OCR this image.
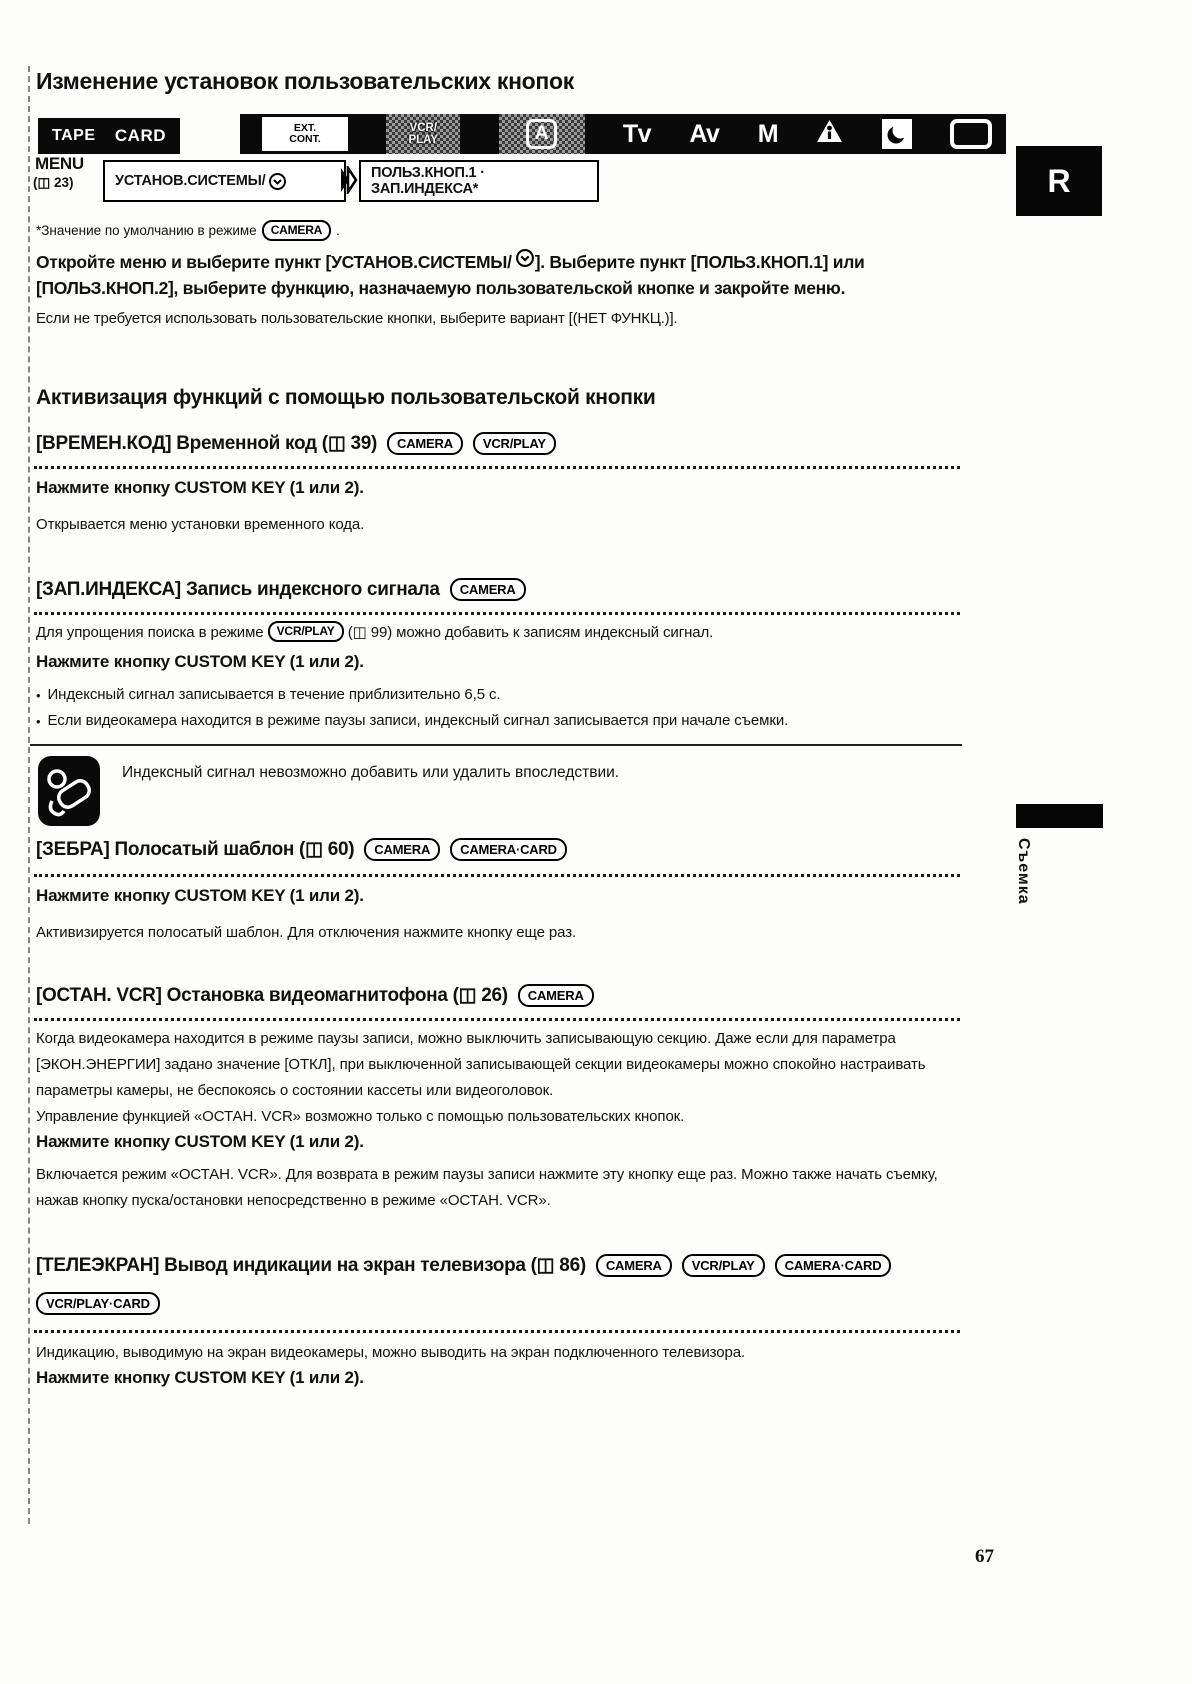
Изменение установок пользовательских кнопок
TAPE CARD	EXT.
CONT.
VCR/
PLAY	A	Tv Av M
R
MENU
(◫ 23)	УСТАНОВ.СИСТЕМЫ/	ПОЛЬЗ.КНОП.1 · ЗАП.ИНДЕКСА*
*Значение по умолчанию в режиме	CAMERA	.
Откройте меню и выберите пункт [УСТАНОВ.СИСТЕМЫ/ ]. Выберите пункт [ПОЛЬЗ.КНОП.1] или [ПОЛЬЗ.КНОП.2], выберите функцию, назначаемую пользовательской кнопке и закройте меню.
Если не требуется использовать пользовательские кнопки, выберите вариант [(НЕТ ФУНКЦ.)].
Активизация функций с помощью пользовательской кнопки
[ВРЕМЕН.КОД] Временной код (◫ 39)	CAMERA	VCR/PLAY
Нажмите кнопку CUSTOM KEY (1 или 2).
Открывается меню установки временного кода.
[ЗАП.ИНДЕКСА] Запись индексного сигнала	CAMERA
Для упрощения поиска в режиме VCR/PLAY (◫ 99) можно добавить к записям индексный сигнал.
Нажмите кнопку CUSTOM KEY (1 или 2).
• Индексный сигнал записывается в течение приблизительно 6,5 с.
• Если видеокамера находится в режиме паузы записи, индексный сигнал записывается при начале съемки.
Индексный сигнал невозможно добавить или удалить впоследствии.
[ЗЕБРА] Полосатый шаблон (◫ 60)	CAMERA	CAMERA·CARD
Нажмите кнопку CUSTOM KEY (1 или 2).
Активизируется полосатый шаблон. Для отключения нажмите кнопку еще раз.
[ОСТАН. VCR] Остановка видеомагнитофона (◫ 26)	CAMERA
Когда видеокамера находится в режиме паузы записи, можно выключить записывающую секцию. Даже если для параметра [ЭКОН.ЭНЕРГИИ] задано значение [ОТКЛ], при выключенной записывающей секции видеокамеры можно спокойно настраивать параметры камеры, не беспокоясь о состоянии кассеты или видеоголовок.
Управление функцией «ОСТАН. VCR» возможно только с помощью пользовательских кнопок.
Нажмите кнопку CUSTOM KEY (1 или 2).
Включается режим «ОСТАН. VCR». Для возврата в режим паузы записи нажмите эту кнопку еще раз. Можно также начать съемку, нажав кнопку пуска/остановки непосредственно в режиме «ОСТАН. VCR».
[ТЕЛЕЭКРАН] Вывод индикации на экран телевизора (◫ 86)	CAMERA	VCR/PLAY	CAMERA·CARD
VCR/PLAY·CARD
Индикацию, выводимую на экран видеокамеры, можно выводить на экран подключенного телевизора.
Нажмите кнопку CUSTOM KEY (1 или 2).
Съемка
67
